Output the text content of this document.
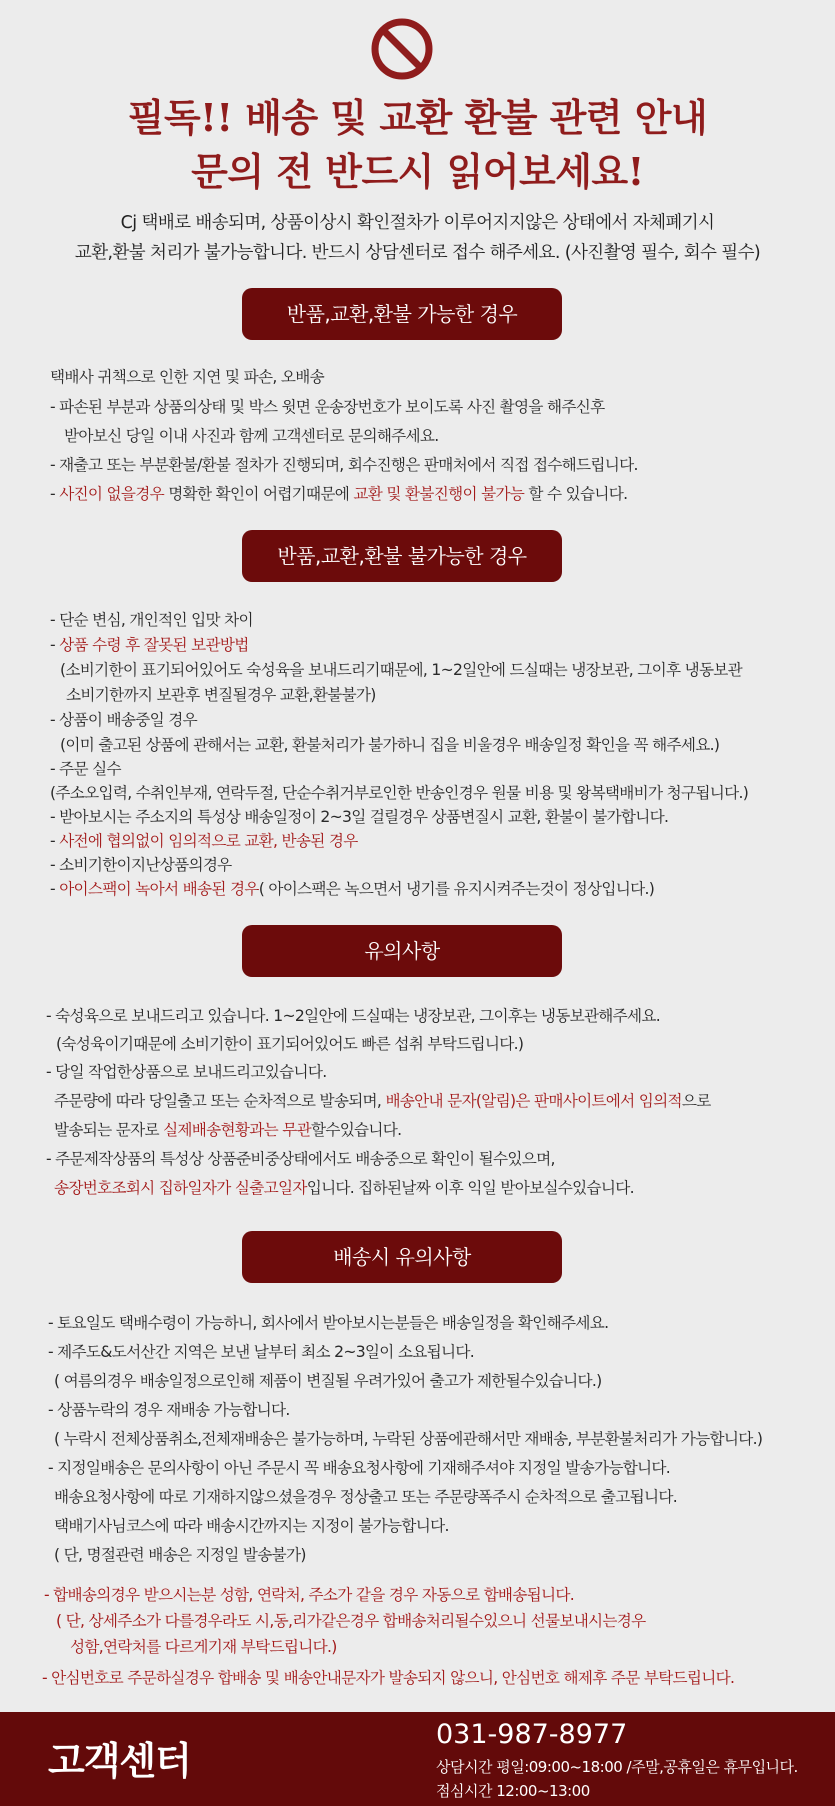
필독!! 배송 및 교환 환불 관련 안내
문의 전 반드시 읽어보세요!
Cj 택배로 배송되며, 상품이상시 확인절차가 이루어지지않은 상태에서 자체폐기시
교환,환불 처리가 불가능합니다. 반드시 상담센터로 접수 해주세요. (사진촬영 필수, 회수 필수)
반품,교환,환불 가능한 경우
택배사 귀책으로 인한 지연 및 파손, 오배송
- 파손된 부분과 상품의상태 및 박스 윗면 운송장번호가 보이도록 사진 촬영을 해주신후
받아보신 당일 이내 사진과 함께 고객센터로 문의해주세요.
- 재출고 또는 부분환불/환불 절차가 진행되며, 회수진행은 판매처에서 직접 접수해드립니다.
- 사진이 없을경우 명확한 확인이 어렵기때문에 교환 및 환불진행이 불가능 할 수 있습니다.
반품,교환,환불 불가능한 경우
- 단순 변심, 개인적인 입맛 차이
- 상품 수령 후 잘못된 보관방법
(소비기한이 표기되어있어도 숙성육을 보내드리기때문에, 1~2일안에 드실때는 냉장보관, 그이후 냉동보관
소비기한까지 보관후 변질될경우 교환,환불불가)
- 상품이 배송중일 경우
(이미 출고된 상품에 관해서는 교환, 환불처리가 불가하니 집을 비울경우 배송일정 확인을 꼭 해주세요.)
- 주문 실수
(주소오입력, 수취인부재, 연락두절, 단순수취거부로인한 반송인경우 원물 비용 및 왕복택배비가 청구됩니다.)
- 받아보시는 주소지의 특성상 배송일정이 2~3일 걸릴경우 상품변질시 교환, 환불이 불가합니다.
- 사전에 협의없이 임의적으로 교환, 반송된 경우
- 소비기한이지난상품의경우
- 아이스팩이 녹아서 배송된 경우( 아이스팩은 녹으면서 냉기를 유지시켜주는것이 정상입니다.)
유의사항
- 숙성육으로 보내드리고 있습니다. 1~2일안에 드실때는 냉장보관, 그이후는 냉동보관해주세요.
(숙성육이기때문에 소비기한이 표기되어있어도 빠른 섭취 부탁드립니다.)
- 당일 작업한상품으로 보내드리고있습니다.
주문량에 따라 당일출고 또는 순차적으로 발송되며, 배송안내 문자(알림)은 판매사이트에서 임의적으로
발송되는 문자로 실제배송현황과는 무관할수있습니다.
- 주문제작상품의 특성상 상품준비중상태에서도 배송중으로 확인이 될수있으며,
송장번호조회시 집하일자가 실출고일자입니다. 집하된날짜 이후 익일 받아보실수있습니다.
배송시 유의사항
- 토요일도 택배수령이 가능하니, 회사에서 받아보시는분들은 배송일정을 확인해주세요.
- 제주도&도서산간 지역은 보낸 날부터 최소 2~3일이 소요됩니다.
( 여름의경우 배송일정으로인해 제품이 변질될 우려가있어 출고가 제한될수있습니다.)
- 상품누락의 경우 재배송 가능합니다.
( 누락시 전체상품취소,전체재배송은 불가능하며, 누락된 상품에관해서만 재배송, 부분환불처리가 가능합니다.)
- 지정일배송은 문의사항이 아닌 주문시 꼭 배송요청사항에 기재해주셔야 지정일 발송가능합니다.
배송요청사항에 따로 기재하지않으셨을경우 정상출고 또는 주문량폭주시 순차적으로 출고됩니다.
택배기사님코스에 따라 배송시간까지는 지정이 불가능합니다.
( 단, 명절관련 배송은 지정일 발송불가)
- 합배송의경우 받으시는분 성함, 연락처, 주소가 같을 경우 자동으로 합배송됩니다.
( 단, 상세주소가 다를경우라도 시,동,리가같은경우 합배송처리될수있으니 선물보내시는경우
성함,연락처를 다르게기재 부탁드립니다.)
- 안심번호로 주문하실경우 합배송 및 배송안내문자가 발송되지 않으니, 안심번호 해제후 주문 부탁드립니다.
고객센터
031-987-8977
상담시간 평일:09:00~18:00 /주말,공휴일은 휴무입니다.
점심시간 12:00~13:00
